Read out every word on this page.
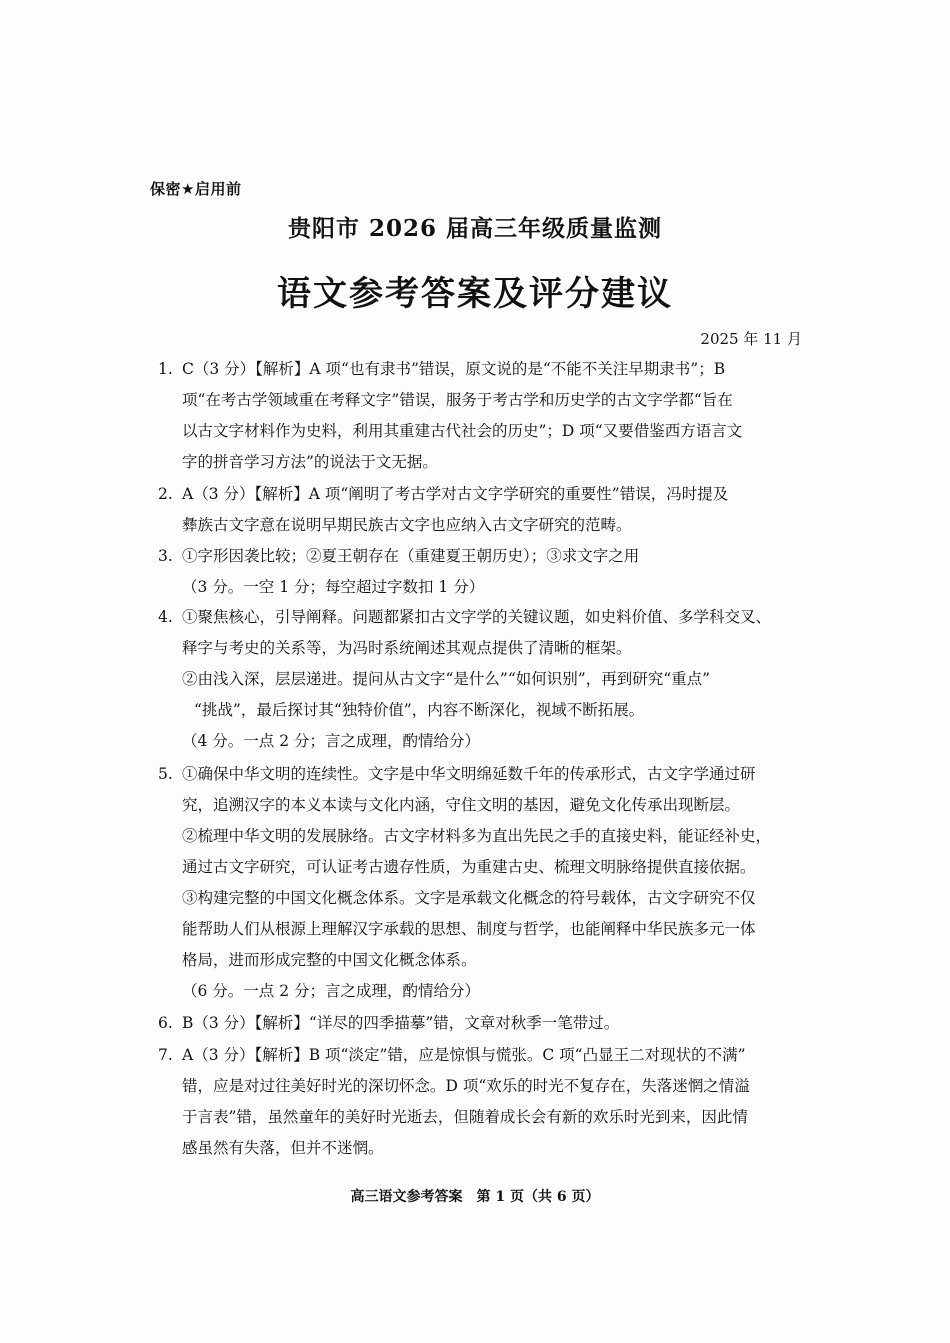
保密★启用前
贵阳市 2026 届高三年级质量监测
语文参考答案及评分建议
2025 年 11 月
1. C（3 分）【解析】A 项“也有隶书”错误，原文说的是“不能不关注早期隶书”；B
项“在考古学领域重在考释文字”错误，服务于考古学和历史学的古文字学都“旨在
以古文字材料作为史料，利用其重建古代社会的历史”；D 项“又要借鉴西方语言文
字的拼音学习方法”的说法于文无据。
2. A（3 分）【解析】A 项“阐明了考古学对古文字学研究的重要性”错误，冯时提及
彝族古文字意在说明早期民族古文字也应纳入古文字研究的范畴。
3. ①字形因袭比较；②夏王朝存在（重建夏王朝历史）；③求文字之用
（3 分。一空 1 分；每空超过字数扣 1 分）
4. ①聚焦核心，引导阐释。问题都紧扣古文字学的关键议题，如史料价值、多学科交叉、
释字与考史的关系等，为冯时系统阐述其观点提供了清晰的框架。
②由浅入深，层层递进。提问从古文字“是什么”“如何识别”，再到研究“重点”
“挑战”，最后探讨其“独特价值”，内容不断深化，视域不断拓展。
（4 分。一点 2 分；言之成理，酌情给分）
5. ①确保中华文明的连续性。文字是中华文明绵延数千年的传承形式，古文字学通过研
究，追溯汉字的本义本读与文化内涵，守住文明的基因，避免文化传承出现断层。
②梳理中华文明的发展脉络。古文字材料多为直出先民之手的直接史料，能证经补史，
通过古文字研究，可认证考古遗存性质，为重建古史、梳理文明脉络提供直接依据。
③构建完整的中国文化概念体系。文字是承载文化概念的符号载体，古文字研究不仅
能帮助人们从根源上理解汉字承载的思想、制度与哲学，也能阐释中华民族多元一体
格局，进而形成完整的中国文化概念体系。
（6 分。一点 2 分；言之成理，酌情给分）
6. B（3 分）【解析】“详尽的四季描摹”错，文章对秋季一笔带过。
7. A（3 分）【解析】B 项“淡定”错，应是惊惧与慌张。C 项“凸显王二对现状的不满”
错，应是对过往美好时光的深切怀念。D 项“欢乐的时光不复存在，失落迷惘之情溢
于言表”错，虽然童年的美好时光逝去，但随着成长会有新的欢乐时光到来，因此情
感虽然有失落，但并不迷惘。
高三语文参考答案　第 1 页（共 6 页）
